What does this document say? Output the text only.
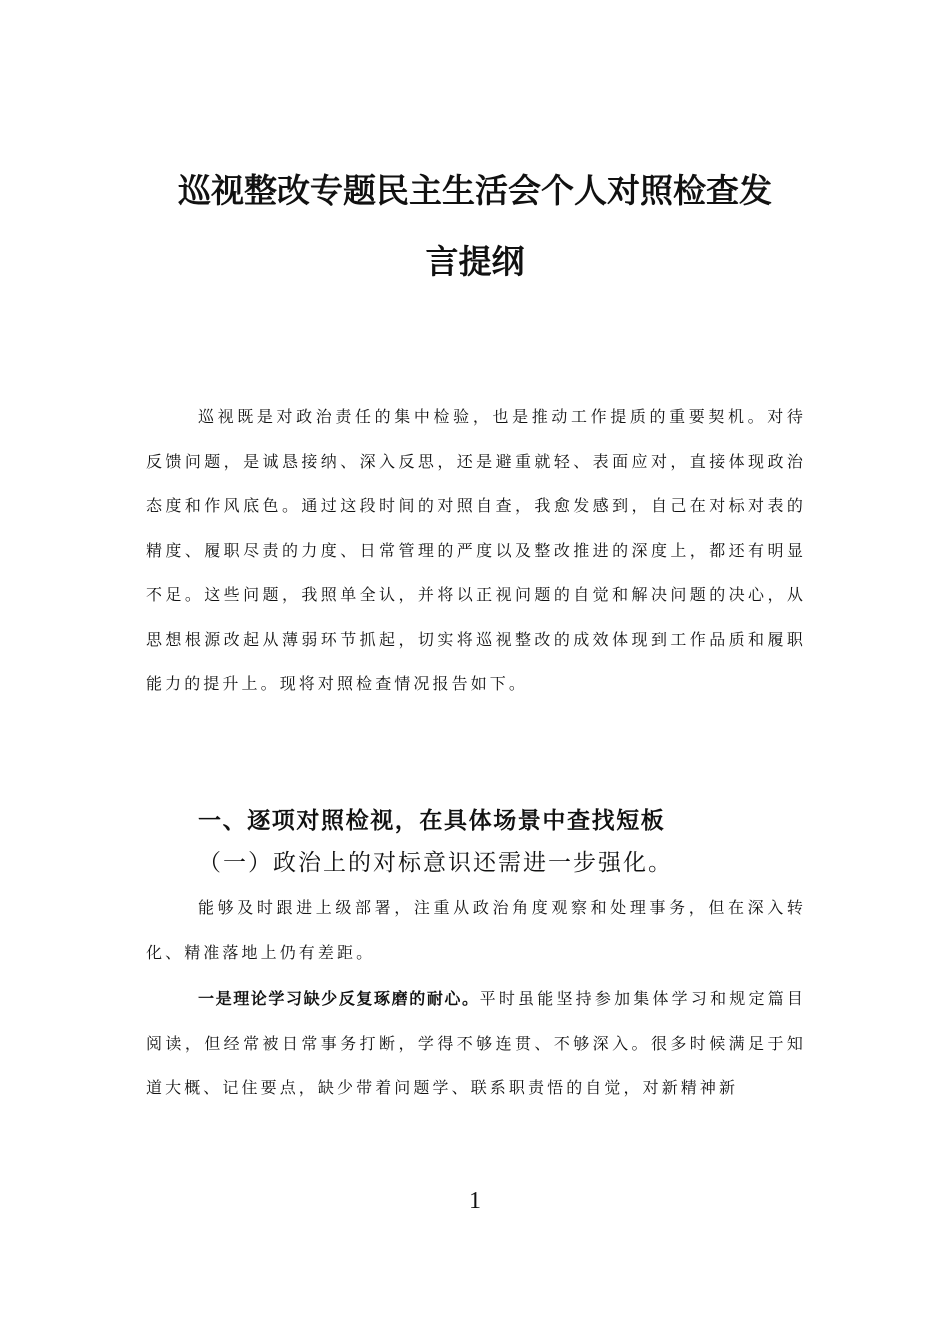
巡视整改专题民主生活会个人对照检查发
言提纲

巡视既是对政治责任的集中检验，也是推动工作提质的重要契机。对待反馈问题，是诚恳接纳、深入反思，还是避重就轻、表面应对，直接体现政治态度和作风底色。通过这段时间的对照自查，我愈发感到，自己在对标对表的精度、履职尽责的力度、日常管理的严度以及整改推进的深度上，都还有明显不足。这些问题，我照单全认，并将以正视问题的自觉和解决问题的决心，从思想根源改起从薄弱环节抓起，切实将巡视整改的成效体现到工作品质和履职能力的提升上。现将对照检查情况报告如下。

一、逐项对照检视，在具体场景中查找短板
（一）政治上的对标意识还需进一步强化。

能够及时跟进上级部署，注重从政治角度观察和处理事务，但在深入转化、精准落地上仍有差距。

一是理论学习缺少反复琢磨的耐心。平时虽能坚持参加集体学习和规定篇目阅读，但经常被日常事务打断，学得不够连贯、不够深入。很多时候满足于知道大概、记住要点，缺少带着问题学、联系职责悟的自觉，对新精神新

1
